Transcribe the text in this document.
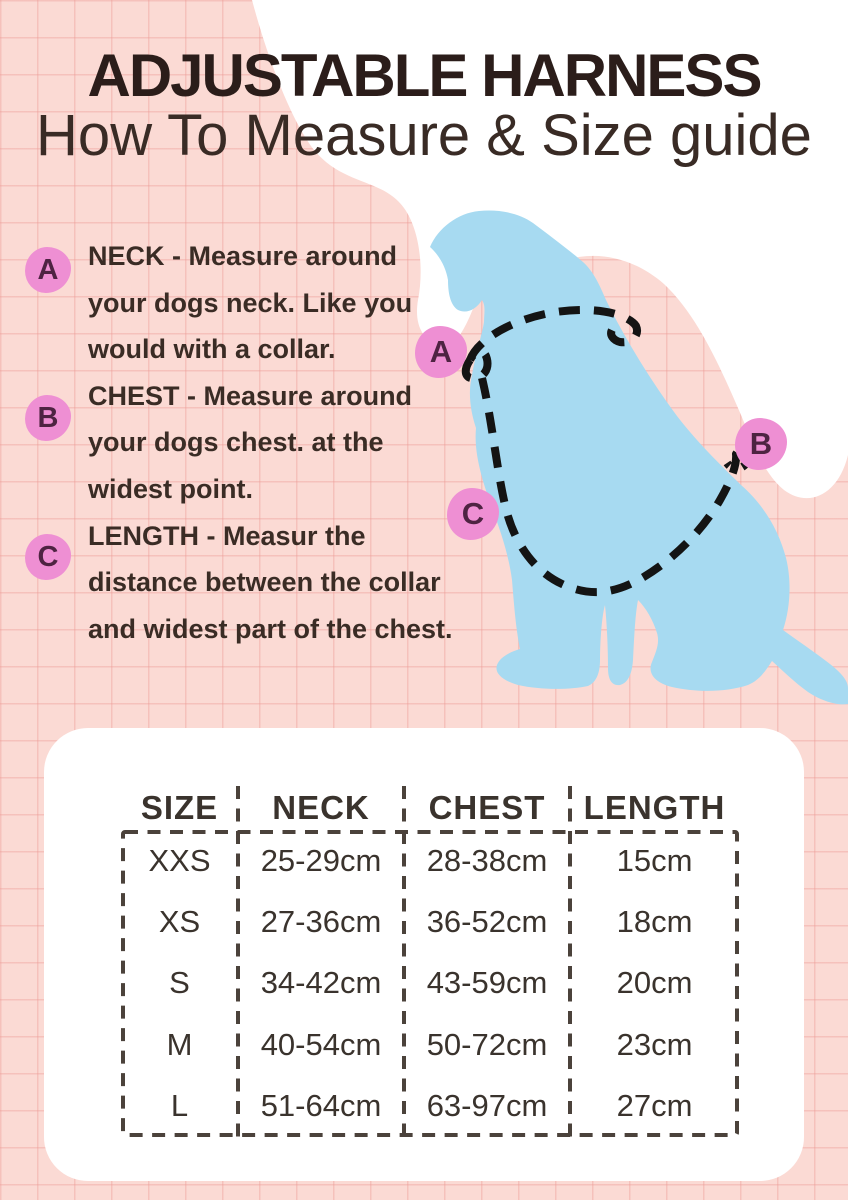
ADJUSTABLE HARNESS
How To Measure & Size guide
NECK - Measure around
your dogs neck. Like you
would with a collar.
CHEST - Measure around
your dogs chest. at the
widest point.
LENGTH - Measur the
distance between the collar
and widest part of the chest.
A
B
C
A
B
C
SIZE	NECK	CHEST	LENGTH
XXS	25-29cm	28-38cm	15cm
XS	27-36cm	36-52cm	18cm
S	34-42cm	43-59cm	20cm
M	40-54cm	50-72cm	23cm
L	51-64cm	63-97cm	27cm
